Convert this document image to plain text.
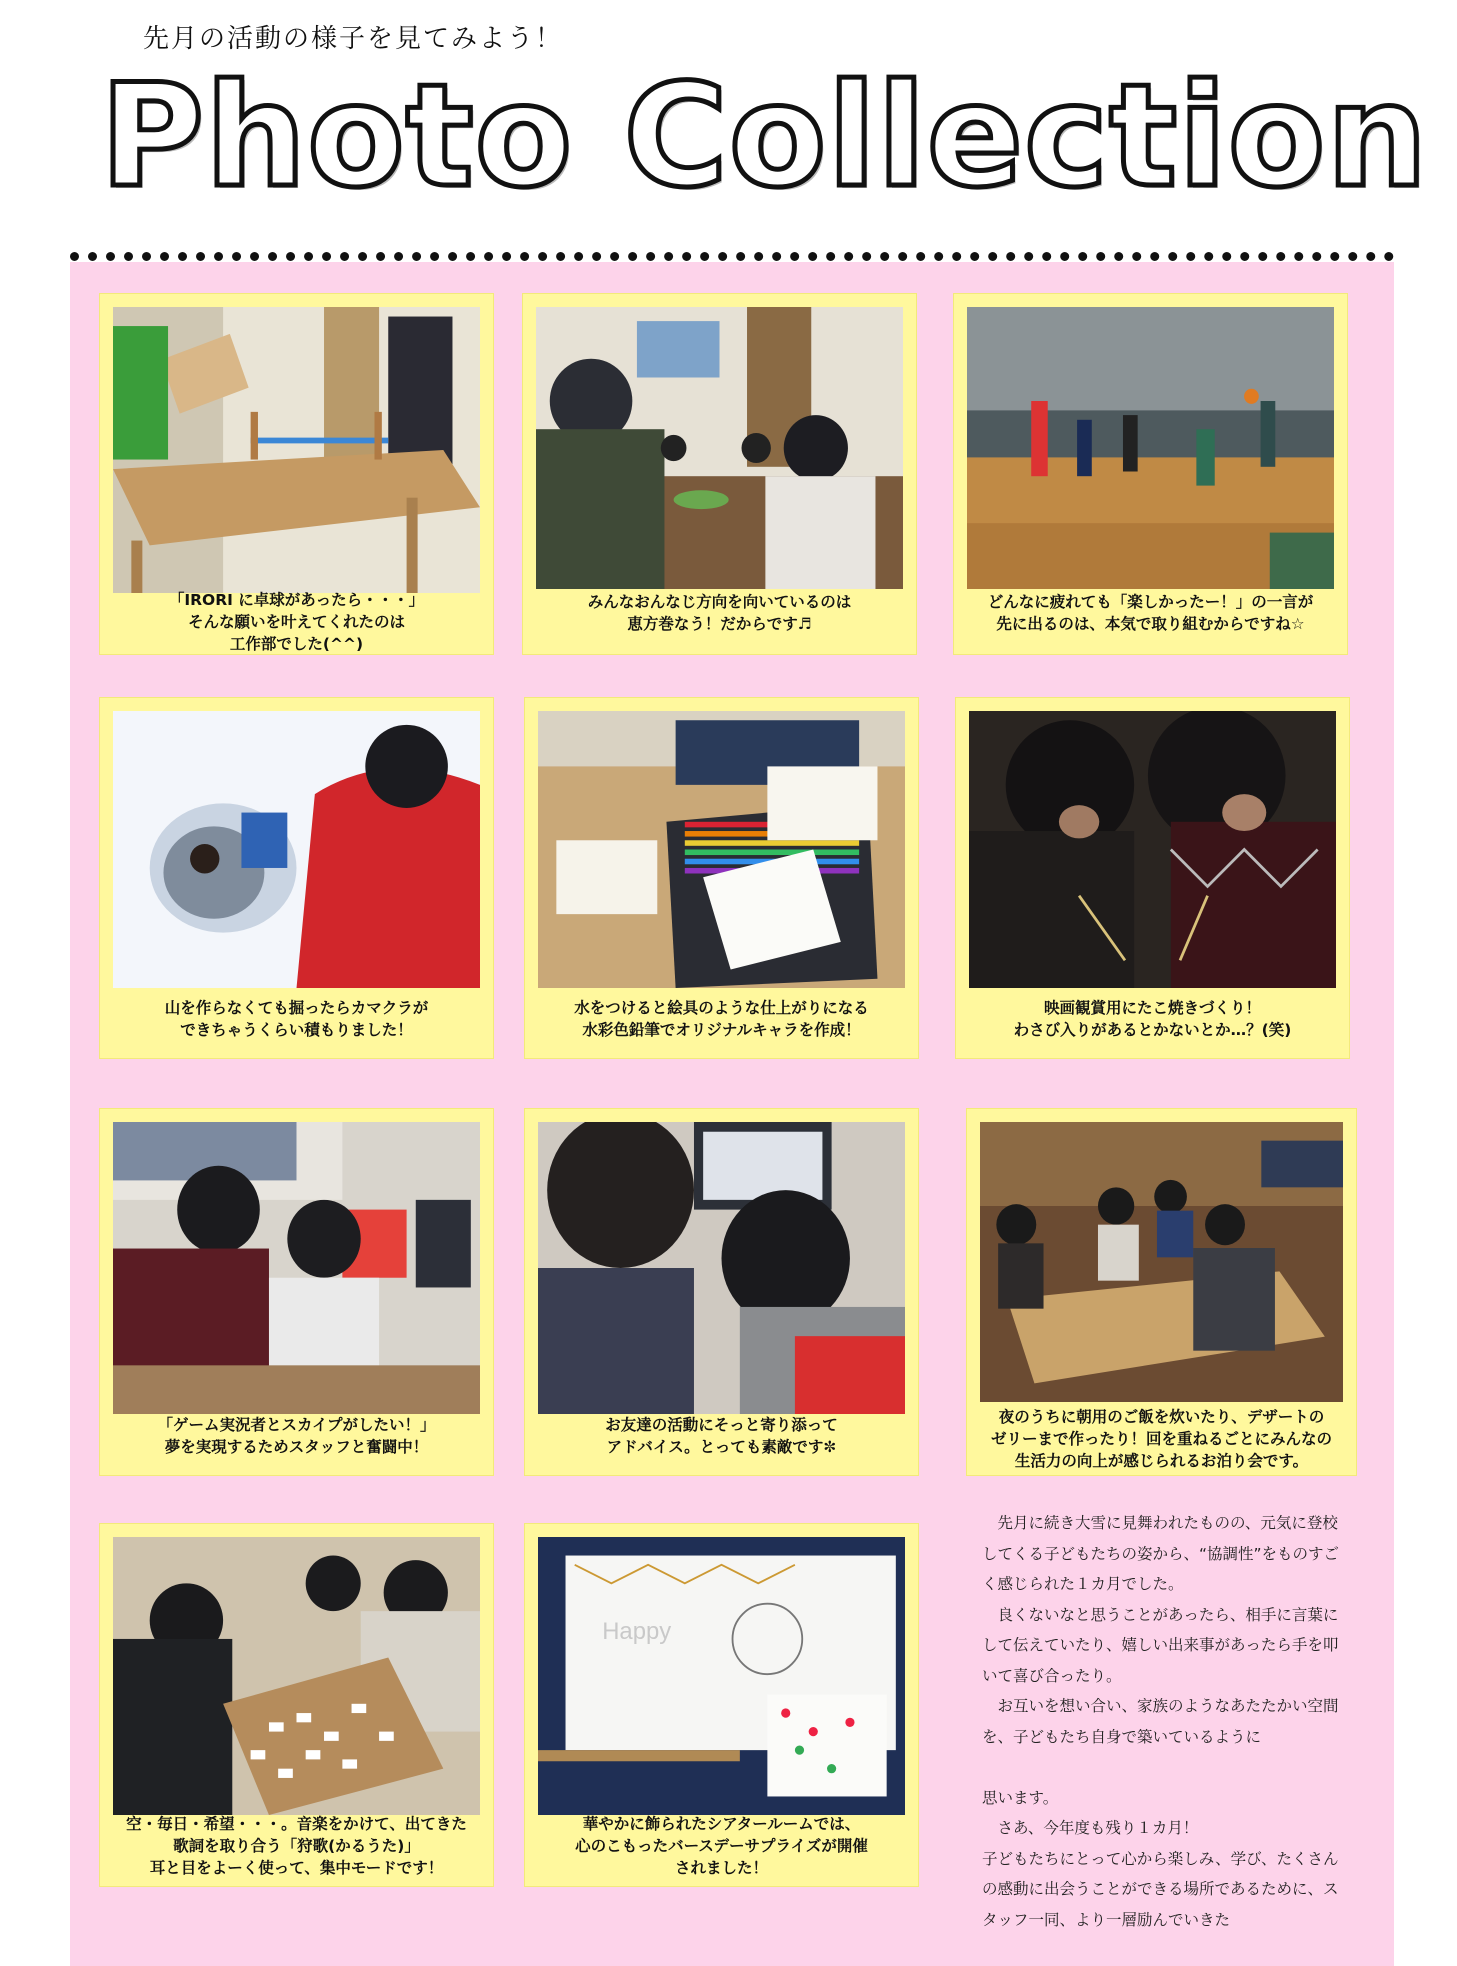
先月の活動の様子を見てみよう！
Photo Collection
「IRORI に卓球があったら・・・」
そんな願いを叶えてくれたのは
工作部でした(^^)
みんなおんなじ方向を向いているのは
恵方巻なう！だからです♬
どんなに疲れても「楽しかったー！」の一言が
先に出るのは、本気で取り組むからですね☆
山を作らなくても掘ったらカマクラが
できちゃうくらい積もりました！
水をつけると絵具のような仕上がりになる
水彩色鉛筆でオリジナルキャラを作成！
映画観賞用にたこ焼きづくり！
わさび入りがあるとかないとか…？(笑)
「ゲーム実況者とスカイプがしたい！」
夢を実現するためスタッフと奮闘中！
お友達の活動にそっと寄り添って
アドバイス。とっても素敵です✼
夜のうちに朝用のご飯を炊いたり、デザートの
ゼリーまで作ったり！回を重ねるごとにみんなの
生活力の向上が感じられるお泊り会です。
空・毎日・希望・・・。音楽をかけて、出てきた
歌詞を取り合う「狩歌(かるうた)」
耳と目をよーく使って、集中モードです！
Happy
華やかに飾られたシアタールームでは、
心のこもったバースデーサプライズが開催
されました！
　先月に続き大雪に見舞われたものの、元気に登校してくる子どもたちの姿から、“協調性”をものすごく感じられた１カ月でした。
　良くないなと思うことがあったら、相手に言葉にして伝えていたり、嬉しい出来事があったら手を叩いて喜び合ったり。
　お互いを想い合い、家族のようなあたたかい空間を、子どもたち自身で築いているように

思います。
　さあ、今年度も残り１カ月！
子どもたちにとって心から楽しみ、学び、たくさんの感動に出会うことができる場所であるために、スタッフ一同、より一層励んでいきた
